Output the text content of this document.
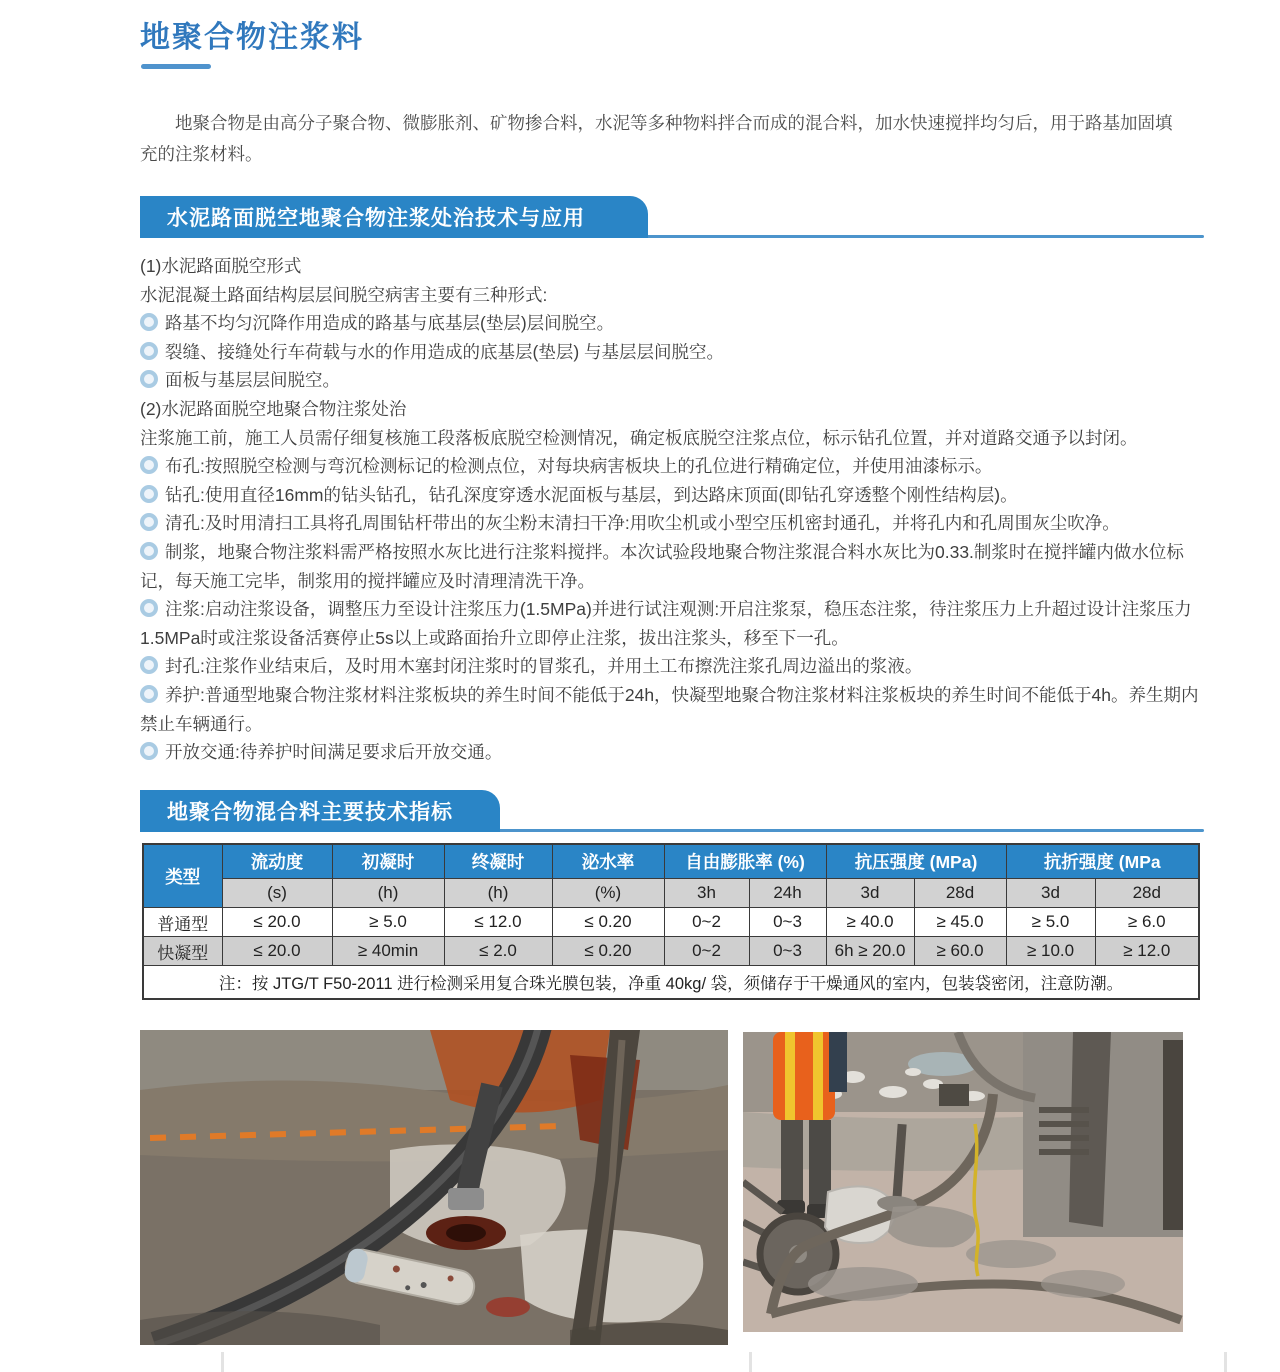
地聚合物注浆料
地聚合物是由高分子聚合物、微膨胀剂、矿物掺合料，水泥等多种物料拌合而成的混合料，加水快速搅拌均匀后，用于路基加固填充的注浆材料。
水泥路面脱空地聚合物注浆处治技术与应用

(1)水泥路面脱空形式

水泥混凝土路面结构层层间脱空病害主要有三种形式:

路基不均匀沉降作用造成的路基与底基层(垫层)层间脱空。

裂缝、接缝处行车荷载与水的作用造成的底基层(垫层) 与基层层间脱空。

面板与基层层间脱空。

(2)水泥路面脱空地聚合物注浆处治

注浆施工前，施工人员需仔细复核施工段落板底脱空检测情况，确定板底脱空注浆点位，标示钻孔位置，并对道路交通予以封闭。

布孔:按照脱空检测与弯沉检测标记的检测点位，对每块病害板块上的孔位进行精确定位，并使用油漆标示。

钻孔:使用直径16mm的钻头钻孔，钻孔深度穿透水泥面板与基层，到达路床顶面(即钻孔穿透整个刚性结构层)。

清孔:及时用清扫工具将孔周围钻杆带出的灰尘粉末清扫干净:用吹尘机或小型空压机密封通孔，并将孔内和孔周围灰尘吹净。

制浆，地聚合物注浆料需严格按照水灰比进行注浆料搅拌。本次试验段地聚合物注浆混合料水灰比为0.33.制浆时在搅拌罐内做水位标记，每天施工完毕，制浆用的搅拌罐应及时清理清洗干净。

注浆:启动注浆设备，调整压力至设计注浆压力(1.5MPa)并进行试注观测:开启注浆泵，稳压态注浆，待注浆压力上升超过设计注浆压力1.5MPa时或注浆设备活赛停止5s以上或路面抬升立即停止注浆，拔出注浆头，移至下一孔。

封孔:注浆作业结束后，及时用木塞封闭注浆时的冒浆孔，并用土工布擦洗注浆孔周边溢出的浆液。

养护:普通型地聚合物注浆材料注浆板块的养生时间不能低于24h，快凝型地聚合物注浆材料注浆板块的养生时间不能低于4h。养生期内禁止车辆通行。

开放交通:待养护时间满足要求后开放交通。

地聚合物混合料主要技术指标
类型	流动度	初凝时	终凝时	泌水率	自由膨胀率 (%)		抗压强度 (MPa)		抗折强度 (MPa	
	(s)	(h)	(h)	(%)	3h	24h	3d	28d	3d	28d
普通型	≤ 20.0	≥ 5.0	≤ 12.0	≤ 0.20	0~2	0~3	≥ 40.0	≥ 45.0	≥ 5.0	≥ 6.0
快凝型	≤ 20.0	≥ 40min	≤ 2.0	≤ 0.20	0~2	0~3	6h ≥ 20.0	≥ 60.0	≥ 10.0	≥ 12.0
注：按 JTG/T F50-2011 进行检测采用复合珠光膜包装，净重 40kg/ 袋，须储存于干燥通风的室内，包装袋密闭，注意防潮。										
